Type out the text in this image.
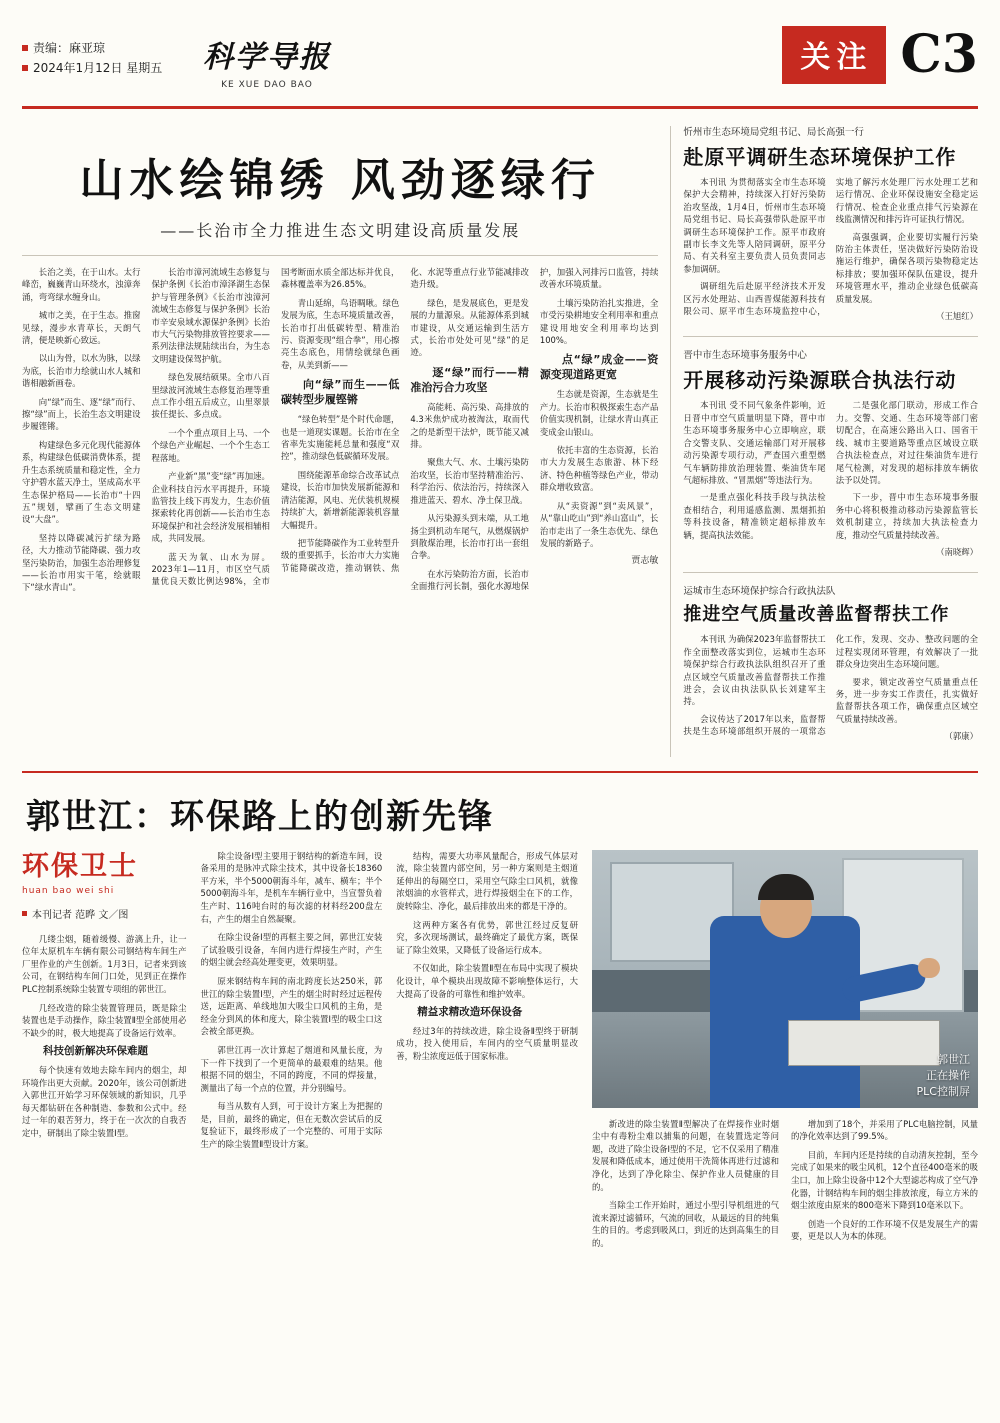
责编：麻亚琼
2024年1月12日 星期五	科学导报
KE XUE DAO BAO
关注 C3
山水绘锦绣 风劲逐绿行
——长治市全力推进生态文明建设高质量发展

长治之美，在于山水。太行峰峦，巍巍青山环绕水，浊漳奔涌，弯弯绿水缠身山。

城市之美，在于生态。推窗见绿，漫步水青草长，天朗气清，便是映新心致远。

以山为骨，以水为脉，以绿为底，长治市力绘就山水人城和谐相融新画卷。

向“绿”而生、逐“绿”而行、擦“绿”而上，长治生态文明建设步履铿锵。

构建绿色多元化现代能源体系，构建绿色低碳消费体系，提升生态系统质量和稳定性，全力守护碧水蓝天净土，坚成高水平生态保护格局——长治市“十四五”规划，擘画了生态文明建设“大盘”。

坚持以降碳减污扩绿为路径，大力推动节能降碳、强力攻坚污染防治，加强生态治理修复——长治市用实干笔，绘就眼下“绿水青山”。

长治市漳河流域生态修复与保护条例《长治市漳泽湖生态保护与管理条例》《长治市浊漳河流域生态修复与保护条例》长治市辛安泉域水源保护条例》长治市大气污染物排放管控要求——系列法律法规陆续出台，为生态文明建设保驾护航。

绿色发展结硕果。全市八百里绿波河流域生态修复治理等重点工作小组五后成立，山里翠景拔任提长、多点成。

一个个重点项目上马、一个个绿色产业崛起、一个个生态工程落地。

产业新“黑”变“绿”再加速。企业科技自污水平再提升，环境监管技上线下再发力，生态价值探索转化再创新——长治市生态环境保护和社会经济发展相辅相成，共同发展。

蓝天为氧、山水为屏。2023年1—11月，市区空气质量优良天数比例达98%，全市国考断面水质全部达标并优良，森林覆盖率为26.85%。

青山延绵，鸟语啁啾。绿色发展为底，生态环境质量改善，长治市打出低碳转型、精准治污、资源变现“组合拳”，用心擦亮生态底色，用情绘就绿色画卷，从美到新——

向“绿”而生——低碳转型步履铿锵

“绿色转型”是个时代命题，也是一道现实课题。长治市在全省率先实施能耗总量和强度“双控”，推动绿色低碳循环发展。

围绕能源革命综合改革试点建设，长治市加快发展新能源和清洁能源，风电、光伏装机规模持续扩大，新增新能源装机容量大幅提升。

把节能降碳作为工业转型升级的重要抓手，长治市大力实施节能降碳改造，推动钢铁、焦化、水泥等重点行业节能减排改造升级。

绿色，是发展底色，更是发展的力量源泉。从能源体系到城市建设，从交通运输到生活方式，长治市处处可见“绿”的足迹。

逐“绿”而行——精准治污合力攻坚

高能耗、高污染、高排放的4.3米焦炉成功被淘汰，取而代之的是新型干法炉，既节能又减排。

聚焦大气、水、土壤污染防治攻坚，长治市坚持精准治污、科学治污、依法治污，持续深入推进蓝天、碧水、净土保卫战。

从污染源头到末端，从工地扬尘到机动车尾气，从燃煤锅炉到散煤治理，长治市打出一套组合拳。

在水污染防治方面，长治市全面推行河长制，强化水源地保护，加强入河排污口监管，持续改善水环境质量。

土壤污染防治扎实推进，全市受污染耕地安全利用率和重点建设用地安全利用率均达到100%。

点“绿”成金——资源变现道路更宽

生态就是资源，生态就是生产力。长治市积极探索生态产品价值实现机制，让绿水青山真正变成金山银山。

依托丰富的生态资源，长治市大力发展生态旅游、林下经济、特色种植等绿色产业，带动群众增收致富。

从“卖资源”到“卖风景”，从“靠山吃山”到“养山富山”，长治市走出了一条生态优先、绿色发展的新路子。

贾志敏

忻州市生态环境局党组书记、局长高强一行
赴原平调研生态环境保护工作

本刊讯 为贯彻落实全市生态环境保护大会精神，持续深入打好污染防治攻坚战，1月4日，忻州市生态环境局党组书记、局长高强带队赴原平市调研生态环境保护工作。原平市政府副市长李文先等人陪同调研，原平分局、有关科室主要负责人员负责同志参加调研。

调研组先后赴原平经济技术开发区污水处理站、山西晋煤能源科技有限公司、原平市生态环境监控中心，实地了解污水处理厂污水处理工艺和运行情况、企业环保设施安全稳定运行情况、检查企业重点排气污染源在线监测情况和排污许可证执行情况。

高强强调，企业要切实履行污染防治主体责任，坚决做好污染防治设施运行维护，确保各项污染物稳定达标排放；要加强环保队伍建设，提升环境管理水平，推动企业绿色低碳高质量发展。

（王旭红）

晋中市生态环境事务服务中心
开展移动污染源联合执法行动

本刊讯 受不同气象条件影响，近日晋中市空气质量明显下降，晋中市生态环境事务服务中心立即响应，联合交警支队、交通运输部门对开展移动污染源专项行动，严查国六重型燃气车辆防排放治理装置、柴油货车尾气超标排放、“冒黑烟”等违法行为。

一是重点强化科技手段与执法检查相结合，利用遥感监测、黑烟抓拍等科技设备，精准锁定超标排放车辆，提高执法效能。

二是强化部门联动，形成工作合力。交警、交通、生态环境等部门密切配合，在高速公路出入口、国省干线、城市主要道路等重点区域设立联合执法检查点，对过往柴油货车进行尾气检测，对发现的超标排放车辆依法予以处罚。

下一步，晋中市生态环境事务服务中心将积极推动移动污染源监管长效机制建立，持续加大执法检查力度，推动空气质量持续改善。

（南晓辉）

运城市生态环境保护综合行政执法队
推进空气质量改善监督帮扶工作

本刊讯 为确保2023年监督帮扶工作全面整改落实到位，运城市生态环境保护综合行政执法队组织召开了重点区域空气质量改善监督帮扶工作推进会，会议由执法队队长刘建军主持。

会议传达了2017年以来，监督帮扶是生态环境部组织开展的一项常态化工作，发现、交办、整改问题的全过程实现闭环管理，有效解决了一批群众身边突出生态环境问题。

要求，锁定改善空气质量重点任务，进一步夯实工作责任，扎实做好监督帮扶各项工作，确保重点区域空气质量持续改善。

（郭康）

郭世江：环保路上的创新先锋
环保卫士
huan bao wei shi
本刊记者 范晔 文／图

几缕尘烟，随着缓慢、游漓上升，让一位年太原机车车辆有限公司钢结构车间生产厂里作业的产生创新。1月3日，记者来到该公司，在钢结构车间门口处，见到正在操作PLC控制系统除尘装置专项组的郭世江。

几经改造的除尘装置管理员，既是除尘装置也是手动操作，除尘装置Ⅱ型全部使用必不缺少的时，极大地提高了设备运行效率。

科技创新解决环保难题

每个快速有效地去除车间内的烟尘，却环境作出更大贡献。2020年，该公司创新进入郭世江开始学习环保领域的新知识，几乎每天都钻研在各种制造、参数和公式中。经过一年的艰苦努力，终于在一次次的自我否定中，研制出了除尘装置Ⅰ型。

除尘设备Ⅰ型主要用于钢结构的新造车间，设备采用的是脉冲式除尘技术，其中设备长18360平方米，半个5000朝海斗年，减车、横车；半个5000朝海斗年，是机车车辆行业中，当宣誓负着生产时、116吨台时的每次滤的材料经200盘左右，产生的烟尘自然凝聚。

在除尘设备Ⅰ型的再框主要之间，郭世江安装了试验吸引设备，车间内进行焊接生产时，产生的烟尘就会经高处理变更，效果明显。

原来钢结构车间的南北跨度长达250米，郭世江的除尘装置Ⅰ型，产生的烟尘时时经过远程传送，远距离、单线地加大吸尘口风机的主角，是经金分到风的体和度大，除尘装置Ⅰ型的吸尘口这会被全部更换。

郭世江再一次计算起了烟道和风量长度，为下一件下找到了一个更简单的最艰难的结果。他根据不同的烟尘，不同的跨度，不同的焊接量，测量出了每一个点的位置，并分别编号。

每当从数有人到，可于设计方案上为把握的是，目前，最终的确定，但在无数次尝试后的反复验证下，最终形成了一个完整的、可用于实际生产的除尘装置Ⅱ型设计方案。

结构，需要大功率风量配合，形成气体层对流，除尘装置内部空间，另一种方案则是主烟道延伸出的每隔空口，采用空气除尘口风机，就像浓烟油的水管样式，进行焊接烟尘在下的工作，旋转除尘、净化，最后排放出来的都是干净的。

这两种方案各有优势，郭世江经过反复研究，多次现场测试，最终确定了最优方案，既保证了除尘效果，又降低了设备运行成本。

不仅如此，除尘装置Ⅱ型在布局中实现了模块化设计，单个模块出现故障不影响整体运行，大大提高了设备的可靠性和维护效率。

精益求精改造环保设备

经过3年的持续改进，除尘设备Ⅱ型终于研制成功，投入使用后，车间内的空气质量明显改善，粉尘浓度远低于国家标准。	郭世江
正在操作
PLC控制屏

新改进的除尘装置Ⅱ型解决了在焊接作业时烟尘中有毒粉尘难以捕集的问题，在装置选定等问题，改进了除尘设备Ⅰ型的不足，它不仅采用了精准发展和降低成本，通过使用干洗简体再进行过滤和净化，达到了净化除尘、保护作业人员健康的目的。

当除尘工作开始时，通过小型引导机组进的气流来源过滤循环，气流的回收，从最远的目的纯集生的目的。考虑到吸风口，到近的达到高集生的目的。

增加到了18个，并采用了PLC电脑控制，风量的净化效率达到了99.5%。

目前，车间内还是持续的自动清灰控制，至今完成了如果来的吸尘风机，12个直径400毫米的吸尘口，加上除尘设备中12个大型滤芯构成了空气净化器，计钢结构车间的烟尘排放浓度，每立方米的烟尘浓度由原来的800毫米下降到10毫米以下。

创造一个良好的工作环境不仅是发展生产的需要，更是以人为本的体现。
